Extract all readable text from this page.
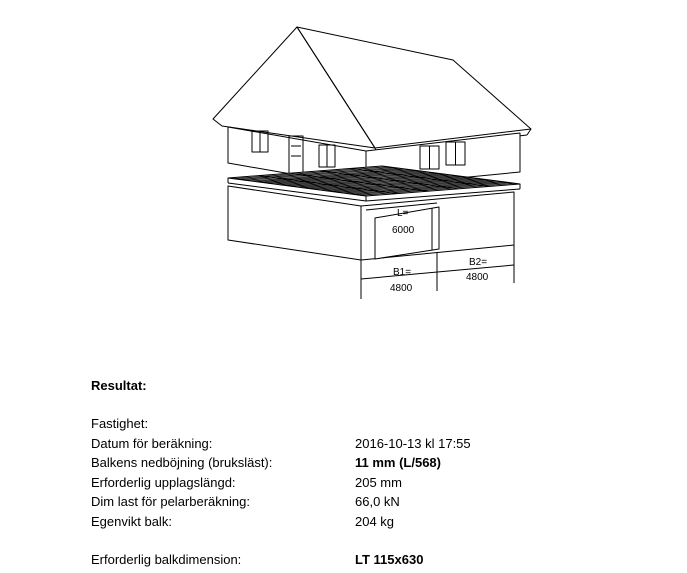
L=
6000
B1=
4800
B2=
4800
Resultat:
Fastighet:
Datum för beräkning:	2016-10-13 kl 17:55
Balkens nedböjning (bruksläst):	11 mm (L/568)
Erforderlig upplagslängd:	205 mm
Dim last för pelarberäkning:	66,0 kN
Egenvikt balk:	204 kg
Erforderlig balkdimension:	LT 115x630
